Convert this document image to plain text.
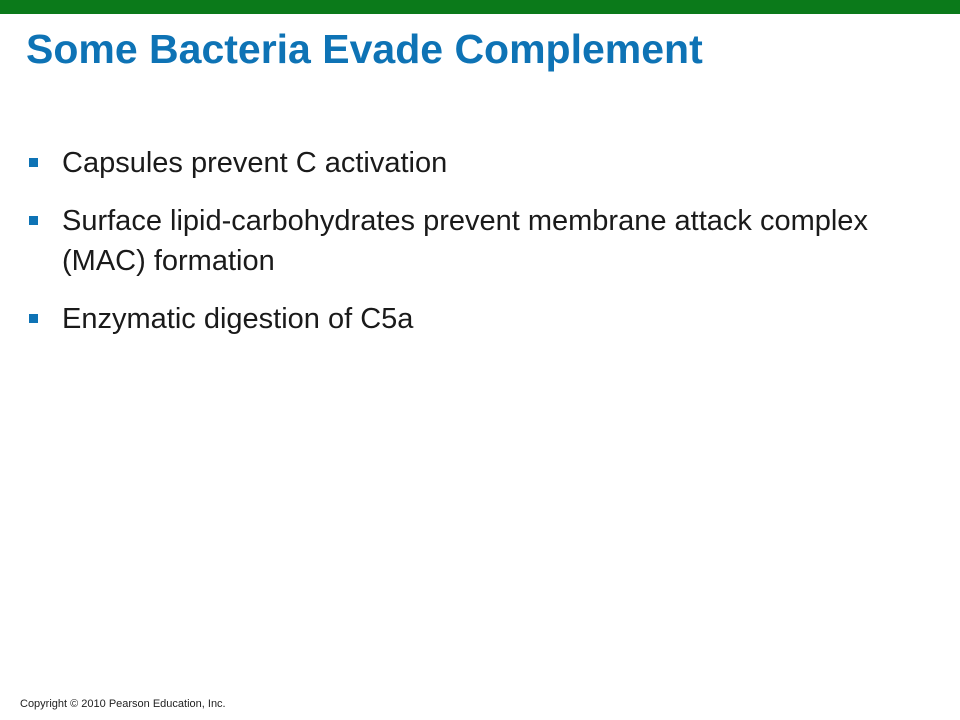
Some Bacteria Evade Complement
Capsules prevent C activation
Surface lipid-carbohydrates prevent membrane attack complex (MAC) formation
Enzymatic digestion of C5a
Copyright © 2010 Pearson Education, Inc.
